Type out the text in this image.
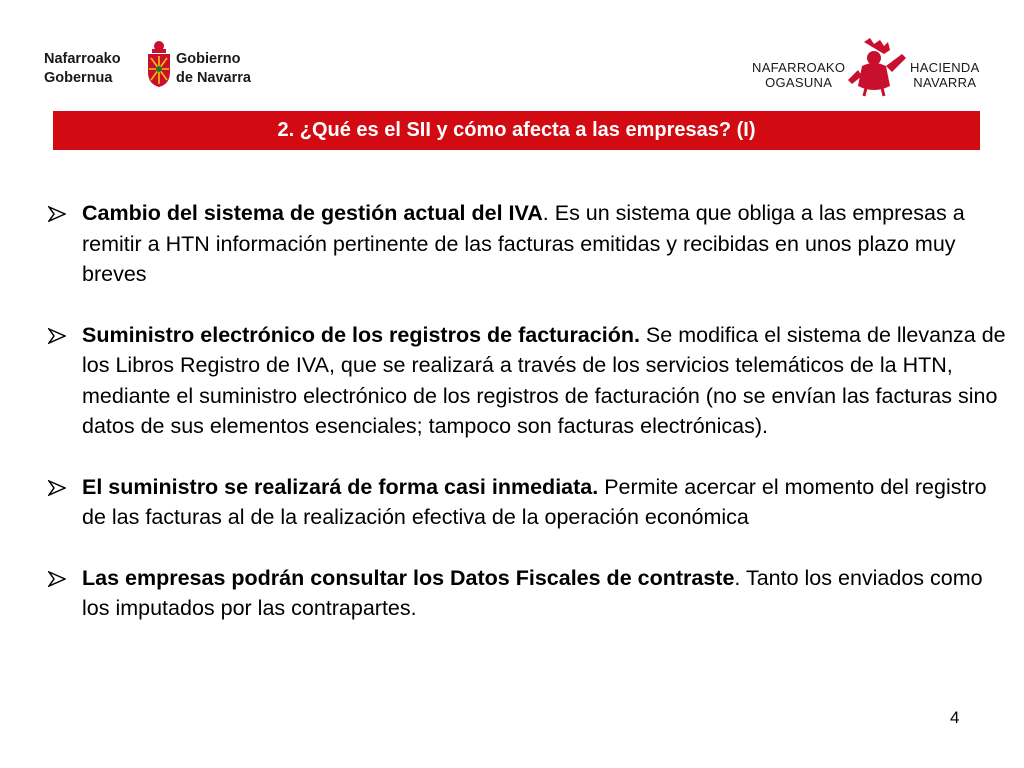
Nafarroako
Gobernua
Gobierno
de Navarra
NAFARROAKO
OGASUNA
HACIENDA
NAVARRA
2. ¿Qué es el SII y cómo afecta a las empresas? (I)
Cambio del sistema de gestión actual del IVA. Es un sistema que obliga a las empresas a remitir a HTN información pertinente de las facturas emitidas y recibidas en unos plazo muy breves
Suministro electrónico de los registros de facturación. Se modifica el sistema de llevanza de los Libros Registro de IVA, que se realizará a través de los servicios telemáticos de la HTN, mediante el suministro electrónico de los registros de facturación (no se envían las facturas sino datos de sus elementos esenciales; tampoco son facturas electrónicas).
El suministro se realizará de forma casi inmediata. Permite acercar el momento del registro de las facturas al de la realización efectiva de la operación económica
Las empresas podrán consultar los Datos Fiscales de contraste. Tanto los enviados como los imputados por las contrapartes.
4
